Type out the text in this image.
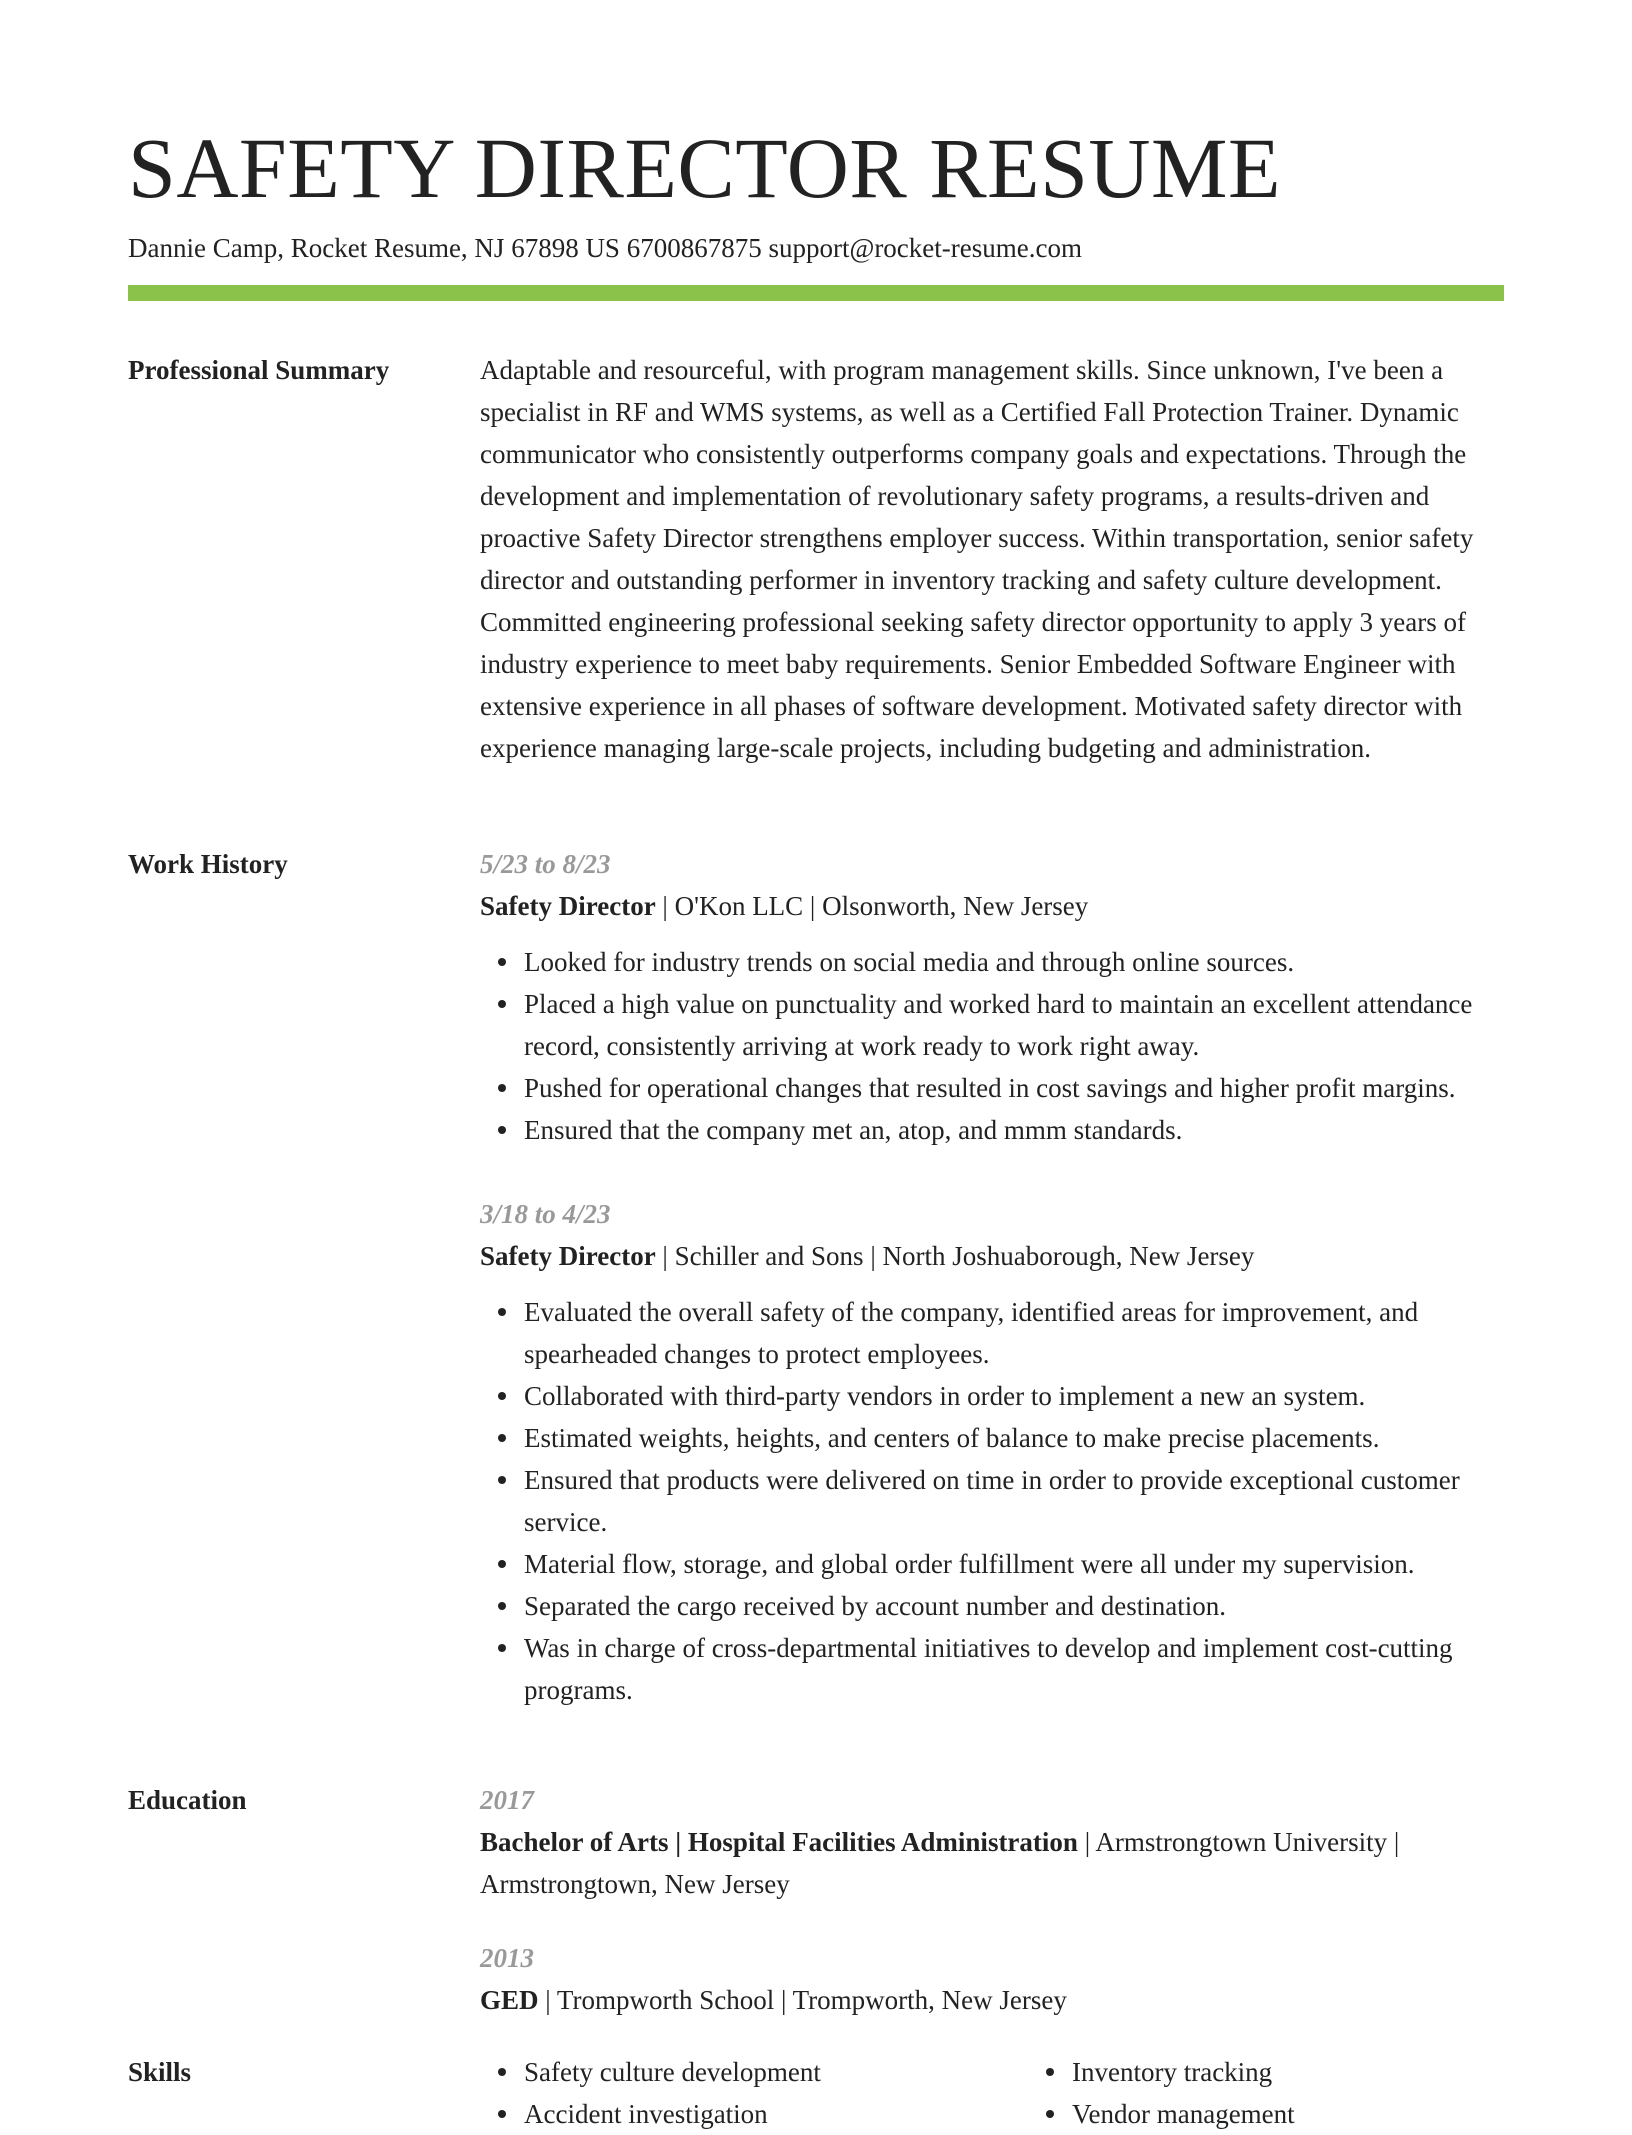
SAFETY DIRECTOR RESUME
Dannie Camp, Rocket Resume, NJ 67898 US 6700867875 support@rocket-resume.com
Professional Summary	Adaptable and resourceful, with program management skills. Since unknown, I've been a specialist in RF and WMS systems, as well as a Certified Fall Protection Trainer. Dynamic communicator who consistently outperforms company goals and expectations. Through the development and implementation of revolutionary safety programs, a results-driven and proactive Safety Director strengthens employer success. Within transportation, senior safety director and outstanding performer in inventory tracking and safety culture development. Committed engineering professional seeking safety director opportunity to apply 3 years of industry experience to meet baby requirements. Senior Embedded Software Engineer with extensive experience in all phases of software development. Motivated safety director with experience managing large-scale projects, including budgeting and administration.

Work History	5/23 to 8/23
Safety Director | O'Kon LLC | Olsonworth, New Jersey
Looked for industry trends on social media and through online sources.
Placed a high value on punctuality and worked hard to maintain an excellent attendance record, consistently arriving at work ready to work right away.
Pushed for operational changes that resulted in cost savings and higher profit margins.
Ensured that the company met an, atop, and mmm standards.
3/18 to 4/23
Safety Director | Schiller and Sons | North Joshuaborough, New Jersey
Evaluated the overall safety of the company, identified areas for improvement, and spearheaded changes to protect employees.
Collaborated with third-party vendors in order to implement a new an system.
Estimated weights, heights, and centers of balance to make precise placements.
Ensured that products were delivered on time in order to provide exceptional customer service.
Material flow, storage, and global order fulfillment were all under my supervision.
Separated the cargo received by account number and destination.
Was in charge of cross-departmental initiatives to develop and implement cost-cutting programs.
Education	2017
Bachelor of Arts | Hospital Facilities Administration | Armstrongtown University | Armstrongtown, New Jersey
2013
GED | Trompworth School | Trompworth, New Jersey
Skills	Safety culture development
Accident investigation
Inventory tracking
Vendor management
